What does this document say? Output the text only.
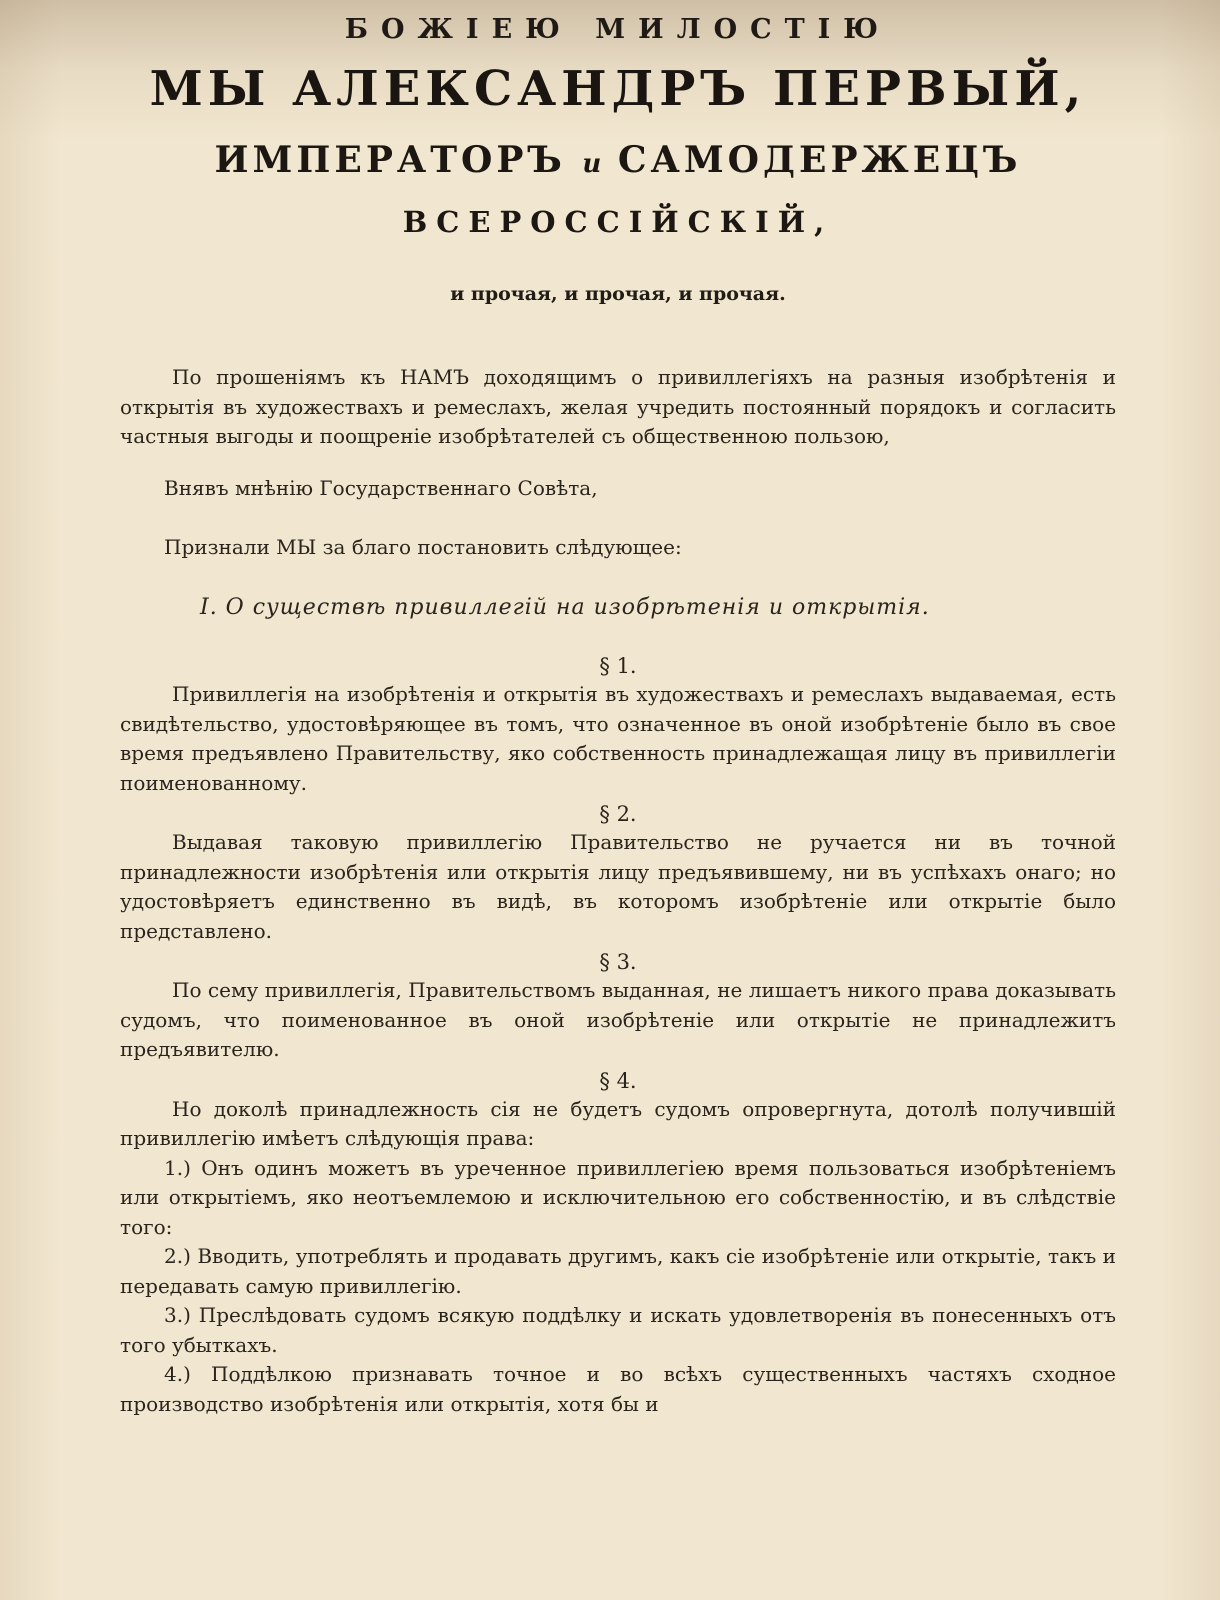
БОЖІЕЮ МИЛОСТІЮ
МЫ АЛЕКСАНДРЪ ПЕРВЫЙ,
ИМПЕРАТОРЪ и САМОДЕРЖЕЦЪ
ВСЕРОССІЙСКІЙ,
и прочая, и прочая, и прочая.

По прошеніямъ къ НАМЪ доходящимъ о привиллегіяхъ на разныя изобрѣтенія и открытія въ художествахъ и ремеслахъ, желая учредить постоянный порядокъ и согласить частныя выгоды и поощреніе изобрѣтателей съ общественною пользою,

Внявъ мнѣнію Государственнаго Совѣта,

Признали МЫ за благо постановить слѣдующее:

I. О существѣ привиллегій на изобрѣтенія и открытія.
§ 1.

Привиллегія на изобрѣтенія и открытія въ художествахъ и ремеслахъ выдаваемая, есть свидѣтельство, удостовѣряющее въ томъ, что означенное въ оной изобрѣтеніе было въ свое время предъявлено Правительству, яко собственность принадлежащая лицу въ привиллегіи поименованному.

§ 2.

Выдавая таковую привиллегію Правительство не ручается ни въ точной принадлежности изобрѣтенія или открытія лицу предъявившему, ни въ успѣхахъ онаго; но удостовѣряетъ единственно въ видѣ, въ которомъ изобрѣтеніе или открытіе было представлено.

§ 3.

По сему привиллегія, Правительствомъ выданная, не лишаетъ никого права доказывать судомъ, что поименованное въ оной изобрѣтеніе или открытіе не принадлежитъ предъявителю.

§ 4.

Но доколѣ принадлежность сія не будетъ судомъ опровергнута, дотолѣ получившій привиллегію имѣетъ слѣдующія права:

1.) Онъ одинъ можетъ въ уреченное привиллегіею время пользоваться изобрѣтеніемъ или открытіемъ, яко неотъемлемою и исключительною его собственностію, и въ слѣдствіе того:

2.) Вводить, употреблять и продавать другимъ, какъ сіе изобрѣтеніе или открытіе, такъ и передавать самую привиллегію.

3.) Преслѣдовать судомъ всякую поддѣлку и искать удовлетворенія въ понесенныхъ отъ того убыткахъ.

4.) Поддѣлкою признавать точное и во всѣхъ существенныхъ частяхъ сходное производство изобрѣтенія или открытія, хотя бы и
